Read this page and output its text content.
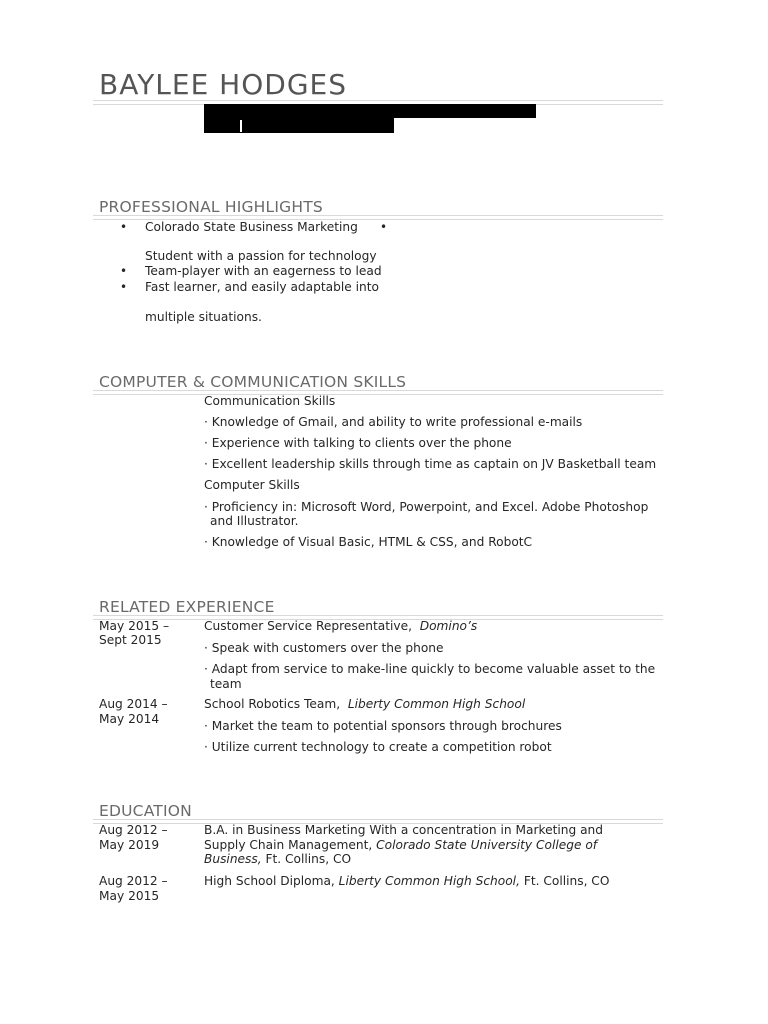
BAYLEE HODGES
PROFESSIONAL HIGHLIGHTS
• Colorado State Business Marketing •
Student with a passion for technology
• Team-player with an eagerness to lead
• Fast learner, and easily adaptable into
multiple situations.
COMPUTER & COMMUNICATION SKILLS
Communication Skills
· Knowledge of Gmail, and ability to write professional e-mails
· Experience with talking to clients over the phone
· Excellent leadership skills through time as captain on JV Basketball team
Computer Skills
· Proficiency in: Microsoft Word, Powerpoint, and Excel. Adobe Photoshop
and Illustrator.
· Knowledge of Visual Basic, HTML & CSS, and RobotC
RELATED EXPERIENCE
May 2015 –
Sept 2015
Customer Service Representative, Domino’s
· Speak with customers over the phone
· Adapt from service to make-line quickly to become valuable asset to the
team
Aug 2014 –
May 2014
School Robotics Team, Liberty Common High School
· Market the team to potential sponsors through brochures
· Utilize current technology to create a competition robot
EDUCATION
Aug 2012 –
May 2019
B.A. in Business Marketing With a concentration in Marketing and
Supply Chain Management, Colorado State University College of
Business, Ft. Collins, CO
Aug 2012 –
May 2015
High School Diploma, Liberty Common High School, Ft. Collins, CO
